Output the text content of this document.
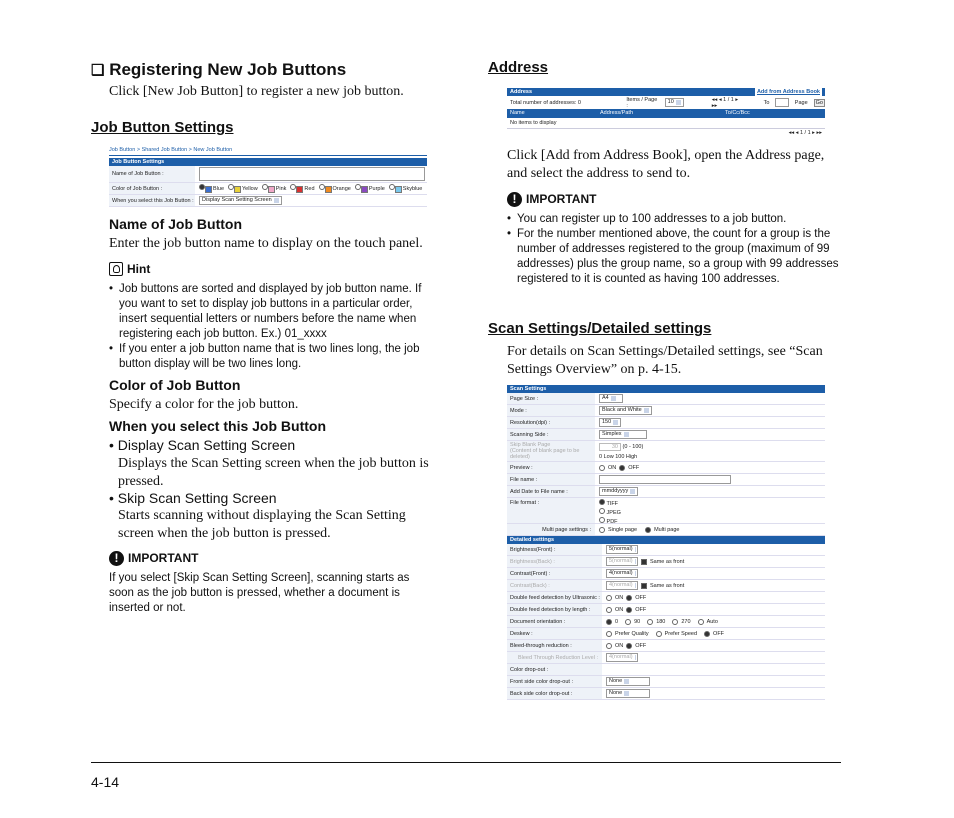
❑ Registering New Job Buttons
Click [New Job Button] to register a new job button.
Job Button Settings
Job Button > Shared Job Button > New Job Button
Job Button Settings
Name of Job Button :
Color of Job Button :	Blue	Yellow	Pink	Red	Orange	Purple	Skyblue
When you select this Job Button : Display Scan Setting Screen
Name of Job Button
Enter the job button name to display on the touch panel.
Hint
• Job buttons are sorted and displayed by job button name. If you want to set to display job buttons in a particular order, insert sequential letters or numbers before the name when registering each job button. Ex.) 01_xxxx
• If you enter a job button name that is two lines long, the job button display will be two lines long.
Color of Job Button
Specify a color for the job button.
When you select this Job Button
• Display Scan Setting Screen
Displays the Scan Setting screen when the job button is pressed.
• Skip Scan Setting Screen
Starts scanning without displaying the Scan Setting screen when the job button is pressed.
! IMPORTANT
If you select [Skip Scan Setting Screen], scanning starts as soon as the job button is pressed, whether a document is inserted or not.
Address
Address	Add from Address Book
Total number of addresses: 0	Items / Page :
10	◂◂ ◂ 1 / 1 ▸ ▸▸	To	Page	Go
Name	Address/Path	To/Cc/Bcc
No items to display
◂◂ ◂ 1 / 1 ▸ ▸▸
Click [Add from Address Book], open the Address page, and select the address to send to.
! IMPORTANT
• You can register up to 100 addresses to a job button.
• For the number mentioned above, the count for a group is the number of addresses registered to the group (maximum of 99 addresses) plus the group name, so a group with 99 addresses registered to it is counted as having 100 addresses.
Scan Settings/Detailed settings
For details on Scan Settings/Detailed settings, see “Scan Settings Overview” on p. 4-15.
Scan Settings
Page Size :	A4
Mode :	Black and White
Resolution(dpi) :	150
Scanning Side :	Simplex
Skip Blank Page
(Content of blank page to be deleted)
30 (0 - 100)
0 Low 100 High
Preview :	ON OFF
File name :
Add Date to File name :	mmddyyyy
File format :	TIFF
JPEG
PDF
Multi page settings :	Single page	Multi page
Detailed settings
Brightness(Front) :	5(normal)
Brightness(Back) :	5(normal)	Same as front
Contrast(Front) :	4(normal)
Contrast(Back) :	4(normal)	Same as front
Double feed detection by Ultrasonic :	ON OFF
Double feed detection by length :	ON OFF
Document orientation :	0	90	180	270	Auto
Deskew :	Prefer Quality	Prefer Speed	OFF
Bleed-through reduction :	ON OFF
Bleed Through Reduction Level :	4(normal)
Color drop-out :
Front side color drop-out :	None
Back side color drop-out :	None
4-14
